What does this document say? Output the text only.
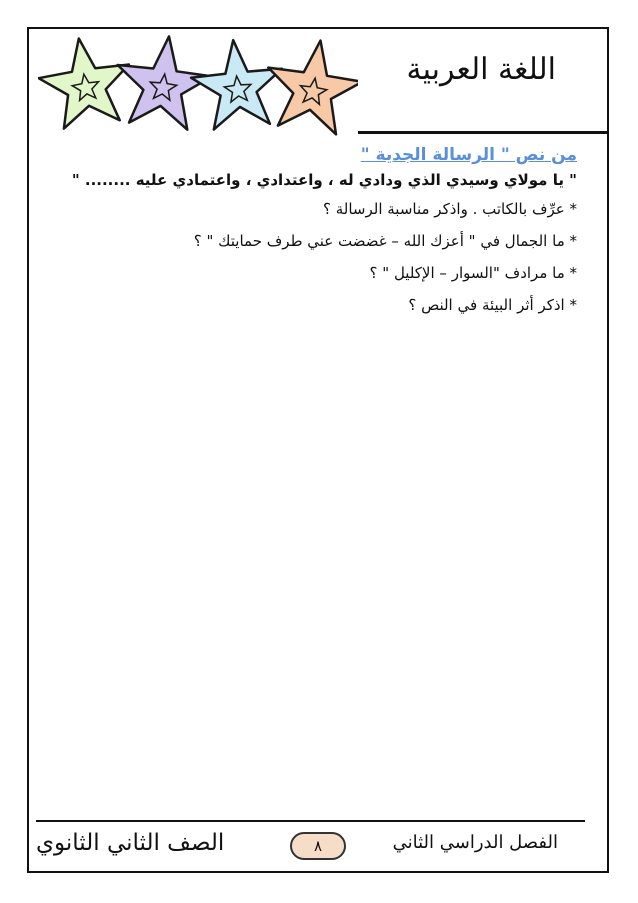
اللغة العربية
من نص " الرسالة الجدية "
" يا مولاي وسيدي الذي ودادي له ، واعتدادي ، واعتمادي عليه ........ "
* عرِّف بالكاتب . واذكر مناسبة الرسالة ؟
* ما الجمال في " أعزك الله – غضضت عني طرف حمايتك " ؟
* ما مرادف "السوار – الإكليل " ؟
* اذكر أثر البيئة في النص ؟
الصف الثاني الثانوي	٨	الفصل الدراسي الثاني
